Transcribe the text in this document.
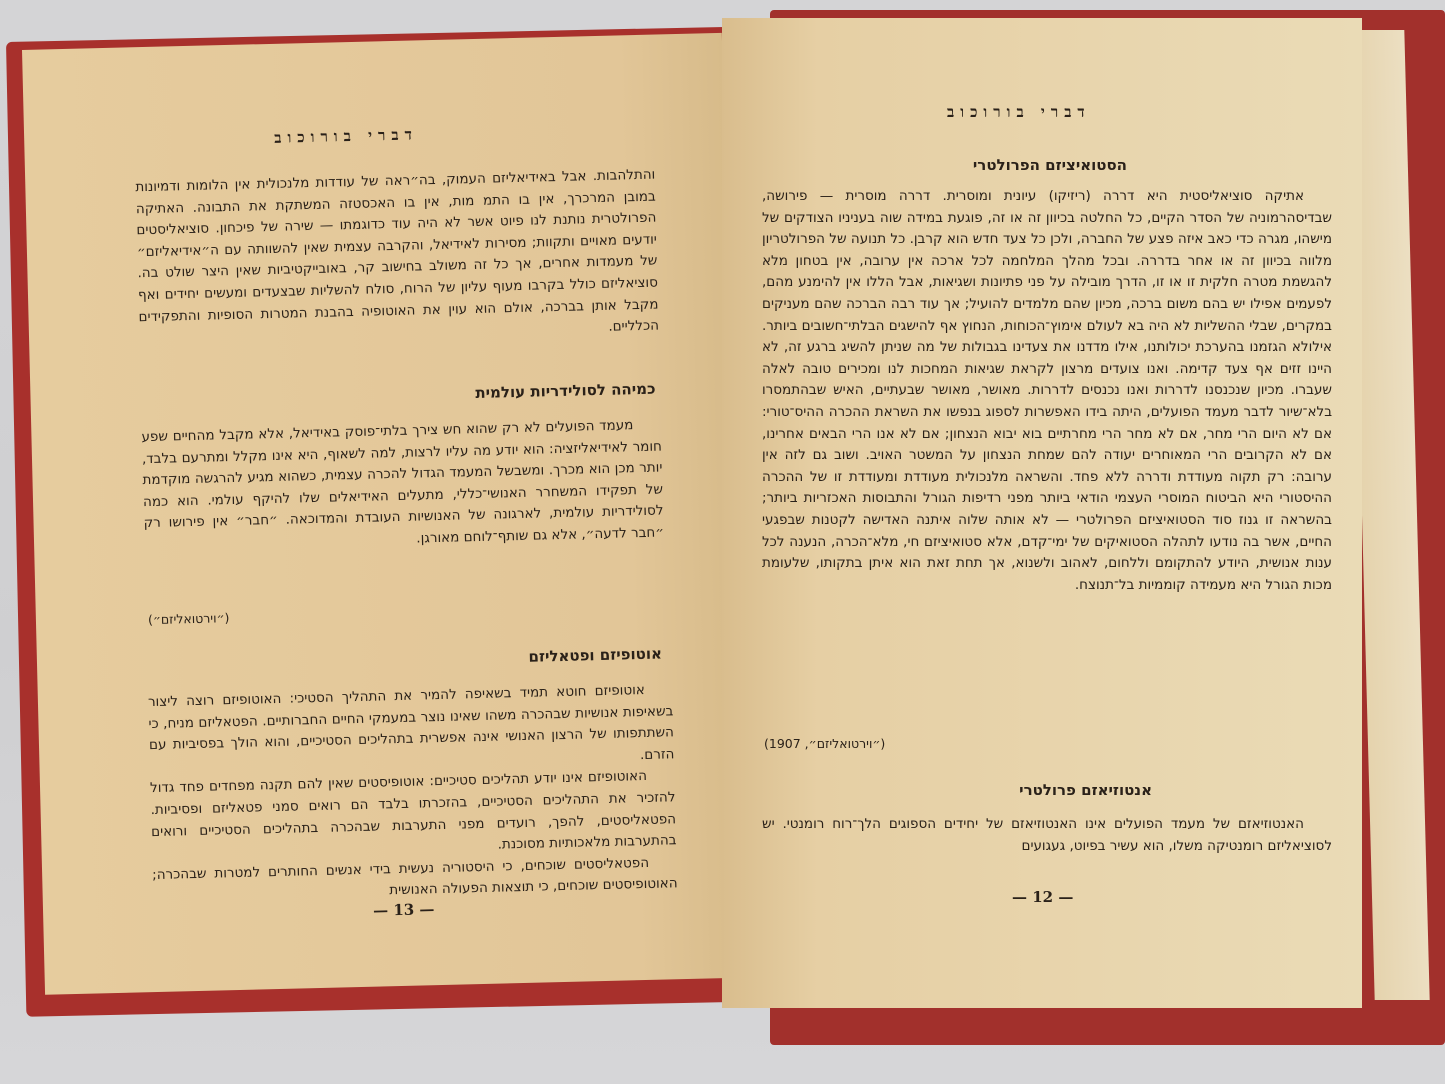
דברי בורוכוב

והתלהבות. אבל באידיאליזם העמוק, בה״ראה של עודדות מלנכולית אין הלומות ודמיונות במובן המרכרך, אין בו התמ מות, אין בו האכסטזה המשתקת את התבונה. האתיקה הפרולטרית נותנת לנו פיוט אשר לא היה עוד כדוגמתו — שירה של פיכחון. סוציאליסטים יודעים מאויים ותקוות; מסירות לאידיאל, והקרבה עצמית שאין להשוותה עם ה״אידיאליזם״ של מעמדות אחרים, אך כל זה משולב בחישוב קר, באובייקטיביות שאין היצר שולט בה. סוציאליזם כולל בקרבו מעוף עליון של הרוח, סולח להשליות שבצעדים ומעשים יחידים ואף מקבל אותן בברכה, אולם הוא עוין את האוטופיה בהבנת המטרות הסופיות והתפקידים הכלליים.

כמיהה לסולידריות עולמית

מעמד הפועלים לא רק שהוא חש צירך בלתי־פוסק באידיאל, אלא מקבל מהחיים שפע חומר לאידיאליזציה: הוא יודע מה עליו לרצות, למה לשאוף, היא אינו מקלל ומתרעם בלבד, יותר מכן הוא מכרך. ומשבשל המעמד הגדול להכרה עצמית, כשהוא מגיע להרגשה מוקדמת של תפקידו המשחרר האנושי־כללי, מתעלים האידיאלים שלו להיקף עולמי. הוא כמה לסולידריות עולמית, לארגונה של האנושיות העובדת והמדוכאה. ״חבר״ אין פירושו רק ״חבר לדעה״, אלא גם שותף־לוחם מאורגן.

(״וירטואליזם״)
אוטופיזם ופטאליזם

אוטופיזם חוטא תמיד בשאיפה להמיר את התהליך הסטיכי: האוטופיזם רוצה ליצור בשאיפות אנושיות שבהכרה משהו שאינו נוצר במעמקי החיים החברותיים. הפטאליזם מניח, כי השתתפותו של הרצון האנושי אינה אפשרית בתהליכים הסטיכיים, והוא הולך בפסיביות עם הזרם.

האוטופיזם אינו יודע תהליכים סטיכיים: אוטופיסטים שאין להם תקנה מפחדים פחד גדול להזכיר את התהליכים הסטיכיים, בהזכרתו בלבד הם רואים סמני פטאליזם ופסיביות. הפטאליסטים, להפך, רועדים מפני התערבות שבהכרה בתהליכים הסטיכיים ורואים בהתערבות מלאכותיות מסוכנת.

הפטאליסטים שוכחים, כי היסטוריה נעשית בידי אנשים החותרים למטרות שבהכרה; האוטופיסטים שוכחים, כי תוצאות הפעולה האנושית

— 13 —
דברי בורוכוב
הסטואיציזם הפרולטרי

אתיקה סוציאליסטית היא דררה (ריזיקו) עיונית ומוסרית. דררה מוסרית — פירושה, שבדיסהרמוניה של הסדר הקיים, כל החלטה בכיוון זה או זה, פוגעת במידה שוה בעניניו הצודקים של מישהו, מגרה כדי כאב איזה פצע של החברה, ולכן כל צעד חדש הוא קרבן. כל תנועה של הפרולטריון מלווה בכיוון זה או אחר בדררה. ובכל מהלך המלחמה לכל ארכה אין ערובה, אין בטחון מלא להגשמת מטרה חלקית זו או זו, הדרך מובילה על פני פתיונות ושגיאות, אבל הללו אין להימנע מהם, לפעמים אפילו יש בהם משום ברכה, מכיון שהם מלמדים להועיל; אך עוד רבה הברכה שהם מעניקים במקרים, שבלי ההשליות לא היה בא לעולם אימוץ־הכוחות, הנחוץ אף להישגים הבלתי־חשובים ביותר. אילולא הגזמנו בהערכת יכולותנו, אילו מדדנו את צעדינו בגבולות של מה שניתן להשיג ברגע זה, לא היינו זזים אף צעד קדימה. ואנו צועדים מרצון לקראת שגיאות המחכות לנו ומכירים טובה לאלה שעברו. מכיון שנכנסנו לדררות ואנו נכנסים לדררות. מאושר, מאושר שבעתיים, האיש שבהתמסרו בלא־שיור לדבר מעמד הפועלים, היתה בידו האפשרות לספוג בנפשו את השראת ההכרה ההיס־טורי: אם לא היום הרי מחר, אם לא מחר הרי מחרתיים בוא יבוא הנצחון; אם לא אנו הרי הבאים אחרינו, אם לא הקרובים הרי המאוחרים יעודה להם שמחת הנצחון על המשטר האויב. ושוב גם לזה אין ערובה: רק תקוה מעודדת ודררה ללא פחד. והשראה מלנכולית מעודדת ומעודדת זו של ההכרה ההיסטורי היא הביטוח המוסרי העצמי הודאי ביותר מפני רדיפות הגורל והתבוסות האכזריות ביותר; בהשראה זו גנוז סוד הסטואיציזם הפרולטרי — לא אותה שלוה איתנה האדישה לקטנות שבפגעי החיים, אשר בה נודעו לתהלה הסטואיקים של ימי־קדם, אלא סטואיציזם חי, מלא־הכרה, הנענה לכל ענות אנושית, היודע להתקומם וללחום, לאהוב ולשנוא, אך תחת זאת הוא איתן בתקותו, שלעומת מכות הגורל היא מעמידה קוממיות בל־תנוצח.

(״וירטואליזם״, 1907)
אנטוזיאזם פרולטרי

האנטוזיאזם של מעמד הפועלים אינו האנטוזיאזם של יחידים הספוגים הלך־רוח רומנטי. יש לסוציאליזם רומנטיקה משלו, הוא עשיר בפיוט, געגועים

— 12 —
